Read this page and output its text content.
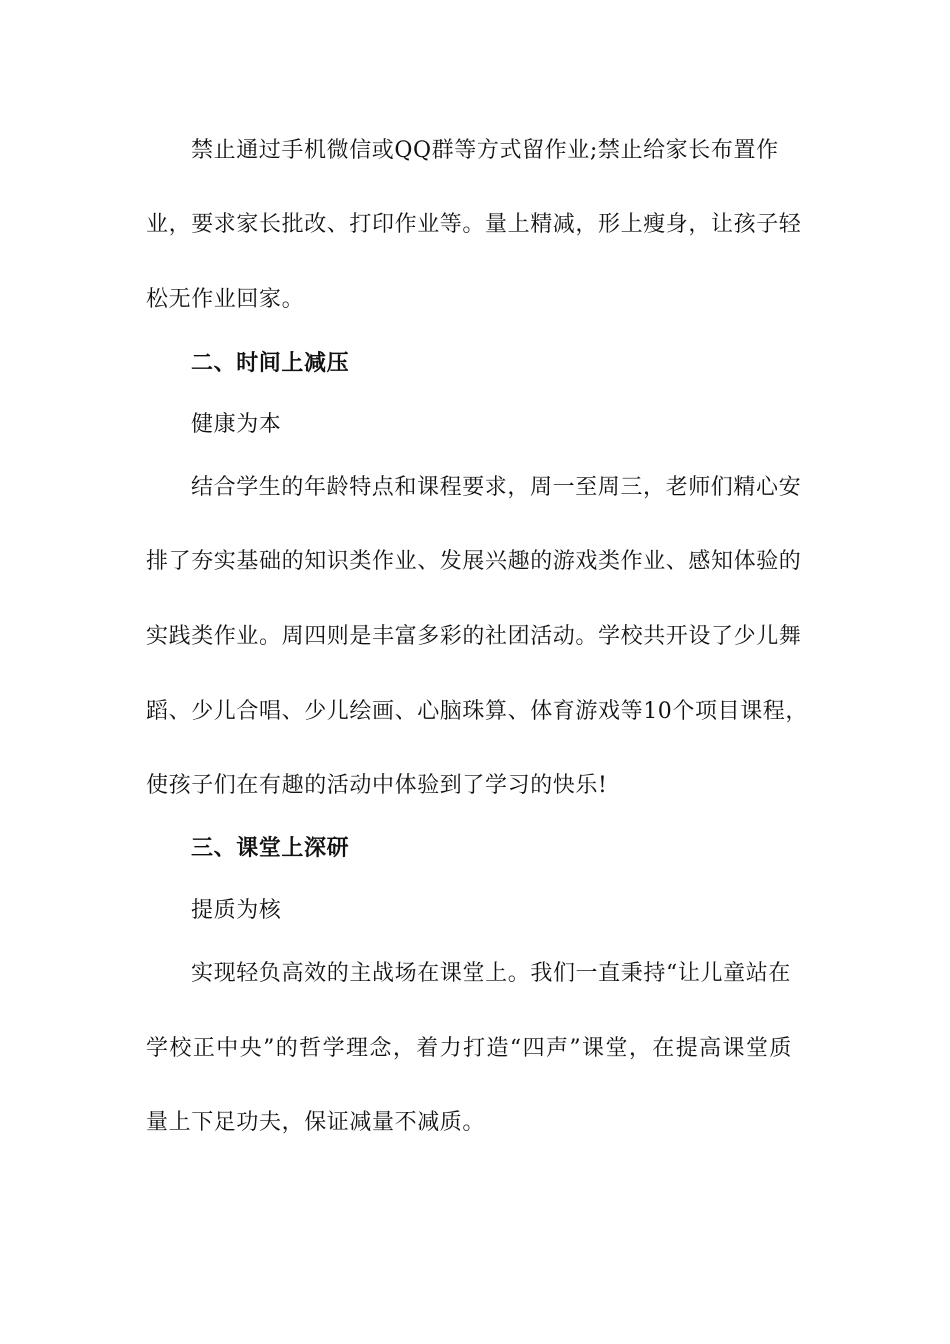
禁止通过手机微信或QQ群等方式留作业;禁止给家长布置作
业，要求家长批改、打印作业等。量上精减，形上瘦身，让孩子轻
松无作业回家。
二、时间上减压
健康为本
结合学生的年龄特点和课程要求，周一至周三，老师们精心安
排了夯实基础的知识类作业、发展兴趣的游戏类作业、感知体验的
实践类作业。周四则是丰富多彩的社团活动。学校共开设了少儿舞
蹈、少儿合唱、少儿绘画、心脑珠算、体育游戏等10个项目课程，
使孩子们在有趣的活动中体验到了学习的快乐!
三、课堂上深研
提质为核
实现轻负高效的主战场在课堂上。我们一直秉持“让儿童站在
学校正中央”的哲学理念，着力打造“四声”课堂，在提高课堂质
量上下足功夫，保证减量不减质。
